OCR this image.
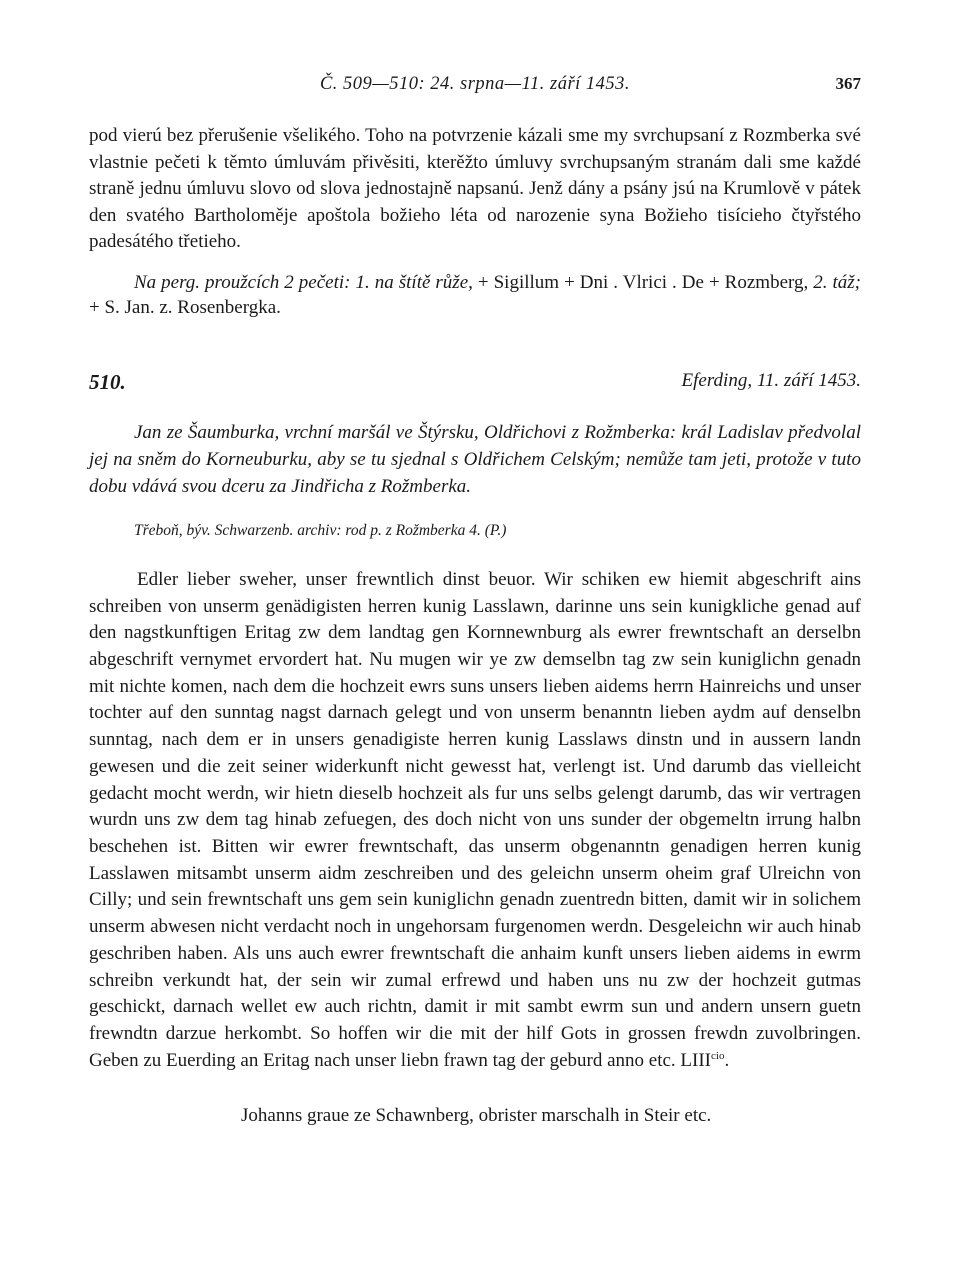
Č. 509—510: 24. srpna—11. září 1453.	367

pod vierú bez přerušenie všelikého. Toho na potvrzenie kázali sme my svrchupsaní z Rozmberka své vlastnie pečeti k těmto úmluvám přivěsiti, kterěžto úmluvy svrchupsaným stranám dali sme každé straně jednu úmluvu slovo od slova jednostajně napsanú. Jenž dány a psány jsú na Krumlově v pátek den svatého Bartholoměje apoštola božieho léta od narozenie syna Božieho tisícieho čtyřstého padesátého třetieho.

Na perg. proužcích 2 pečeti: 1. na štítě růže, + Sigillum + Dni . Vlrici . De + Rozmberg, 2. táž; + S. Jan. z. Rosenbergka.

510.	Eferding, 11. září 1453.

Jan ze Šaumburka, vrchní maršál ve Štýrsku, Oldřichovi z Rožmberka: král Ladislav předvolal jej na sněm do Korneuburku, aby se tu sjednal s Oldřichem Celským; nemůže tam jeti, protože v tuto dobu vdává svou dceru za Jindřicha z Rožmberka.

Třeboň, býv. Schwarzenb. archiv: rod p. z Rožmberka 4. (P.)

Edler lieber sweher, unser frewntlich dinst beuor. Wir schiken ew hiemit abgeschrift ains schreiben von unserm genädigisten herren kunig Lasslawn, darinne uns sein kunigkliche genad auf den nagstkunftigen Eritag zw dem landtag gen Kornnewnburg als ewrer frewntschaft an derselbn abgeschrift vernymet ervordert hat. Nu mugen wir ye zw demselbn tag zw sein kuniglichn genadn mit nichte komen, nach dem die hochzeit ewrs suns unsers lieben aidems herrn Hainreichs und unser tochter auf den sunntag nagst darnach gelegt und von unserm benanntn lieben aydm auf denselbn sunntag, nach dem er in unsers genadigiste herren kunig Lasslaws dinstn und in aussern landn gewesen und die zeit seiner widerkunft nicht gewesst hat, verlengt ist. Und darumb das vielleicht gedacht mocht werdn, wir hietn dieselb hochzeit als fur uns selbs gelengt darumb, das wir vertragen wurdn uns zw dem tag hinab zefuegen, des doch nicht von uns sunder der obgemeltn irrung halbn beschehen ist. Bitten wir ewrer frewntschaft, das unserm obgenanntn genadigen herren kunig Lasslawen mitsambt unserm aidm zeschreiben und des geleichn unserm oheim graf Ulreichn von Cilly; und sein frewntschaft uns gem sein kuniglichn genadn zuentredn bitten, damit wir in solichem unserm abwesen nicht verdacht noch in ungehorsam furgenomen werdn. Desgeleichn wir auch hinab geschriben haben. Als uns auch ewrer frewntschaft die anhaim kunft unsers lieben aidems in ewrm schreibn verkundt hat, der sein wir zumal erfrewd und haben uns nu zw der hochzeit gutmas geschickt, darnach wellet ew auch richtn, damit ir mit sambt ewrm sun und andern unsern guetn frewndtn darzue herkombt. So hoffen wir die mit der hilf Gots in grossen frewdn zuvolbringen.    Geben zu Euerding an Eritag nach unser liebn frawn tag der geburd anno etc. $LIII^{cio}$.

Johanns graue ze Schawnberg, obrister marschalh in Steir etc.
